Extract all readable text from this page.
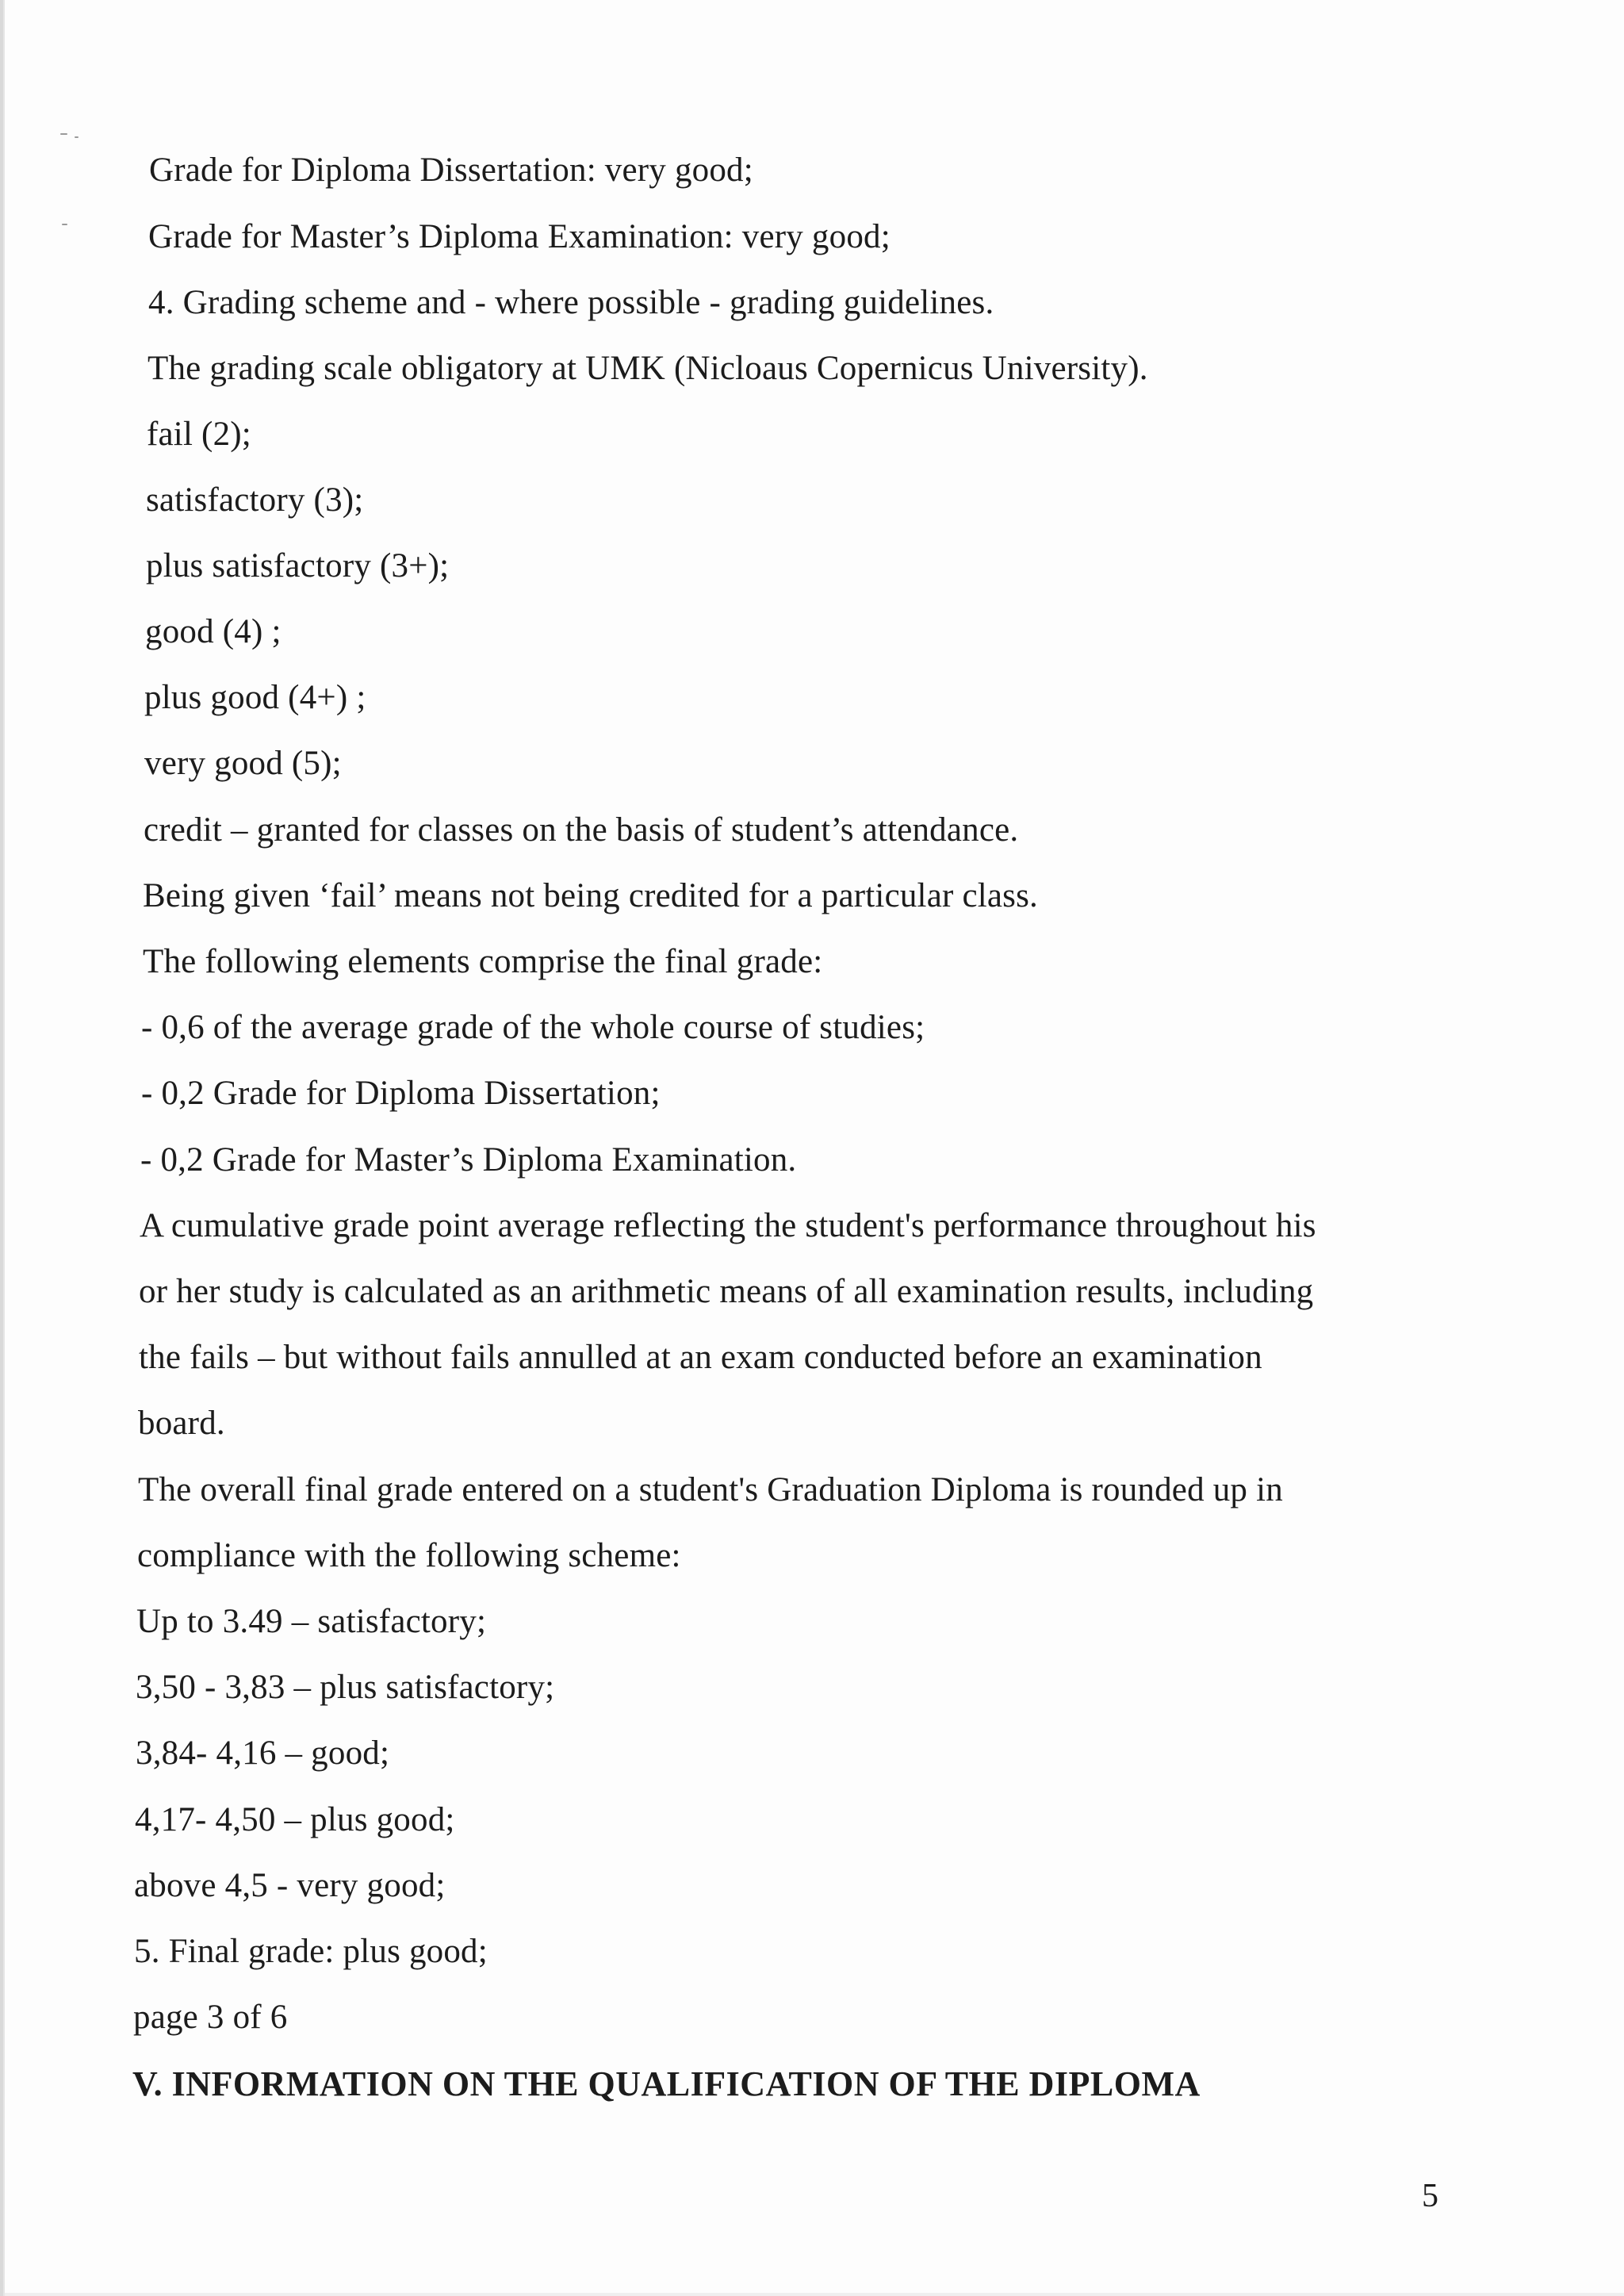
Grade for Diploma Dissertation: very good;
Grade for Master’s Diploma Examination: very good;
4. Grading scheme and - where possible - grading guidelines.
The grading scale obligatory at UMK (Nicloaus Copernicus University).
fail (2);
satisfactory (3);
plus satisfactory (3+);
good (4) ;
plus good (4+) ;
very good (5);
credit – granted for classes on the basis of student’s attendance.
Being given ‘fail’ means not being credited for a particular class.
The following elements comprise the final grade:
- 0,6 of the average grade of the whole course of studies;
- 0,2 Grade for Diploma Dissertation;
- 0,2 Grade for Master’s Diploma Examination.
A cumulative grade point average reflecting the student's performance throughout his
or her study is calculated as an arithmetic means of all examination results, including
the fails – but without fails annulled at an exam conducted before an examination
board.
The overall final grade entered on a student's Graduation Diploma is rounded up in
compliance with the following scheme:
Up to 3.49 – satisfactory;
3,50 - 3,83 – plus satisfactory;
3,84- 4,16 – good;
4,17- 4,50 – plus good;
above 4,5 - very good;
5. Final grade: plus good;
page 3 of 6
V. INFORMATION ON THE QUALIFICATION OF THE DIPLOMA
5
